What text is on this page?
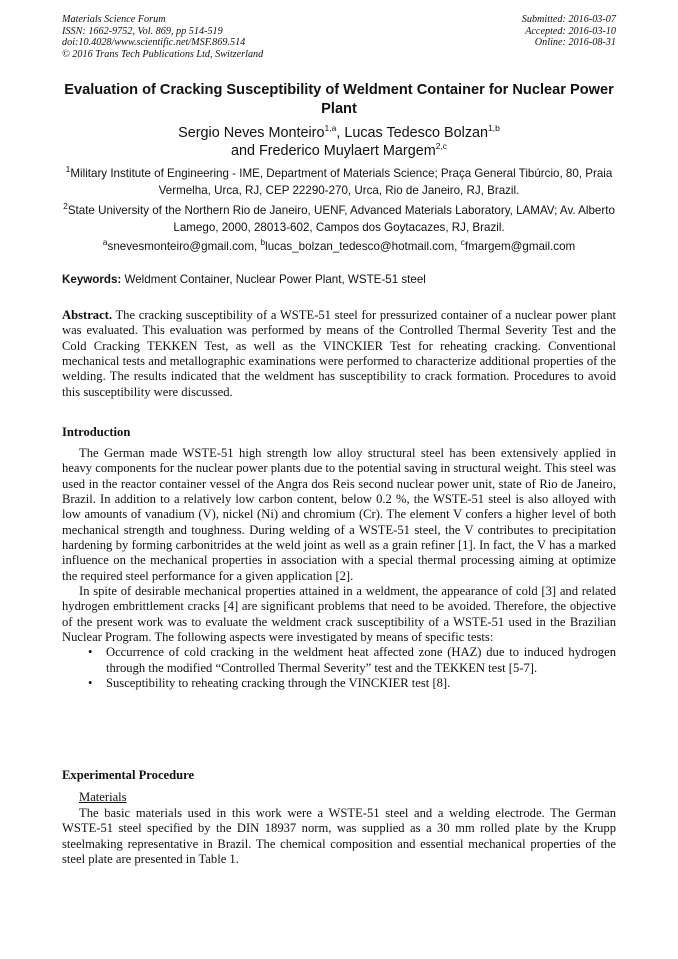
Materials Science Forum
ISSN: 1662-9752, Vol. 869, pp 514-519
doi:10.4028/www.scientific.net/MSF.869.514
© 2016 Trans Tech Publications Ltd, Switzerland
Submitted: 2016-03-07
Accepted: 2016-03-10
Online: 2016-08-31
Evaluation of Cracking Susceptibility of Weldment Container for Nuclear Power Plant
Sergio Neves Monteiro$^{1,a}$, Lucas Tedesco Bolzan$^{1,b}$
and Frederico Muylaert Margem$^{2,c}$
$^1$Military Institute of Engineering - IME, Department of Materials Science; Praça General Tibúrcio, 80, Praia Vermelha, Urca, RJ, CEP 22290-270, Urca, Rio de Janeiro, RJ, Brazil.
$^2$State University of the Northern Rio de Janeiro, UENF, Advanced Materials Laboratory, LAMAV; Av. Alberto Lamego, 2000, 28013-602, Campos dos Goytacazes, RJ, Brazil.
$^a$snevesmonteiro@gmail.com, $^b$lucas_bolzan_tedesco@hotmail.com, $^c$fmargem@gmail.com
Keywords: Weldment Container, Nuclear Power Plant, WSTE-51 steel
Abstract. The cracking susceptibility of a WSTE-51 steel for pressurized container of a nuclear power plant was evaluated. This evaluation was performed by means of the Controlled Thermal Severity Test and the Cold Cracking TEKKEN Test, as well as the VINCKIER Test for reheating cracking. Conventional mechanical tests and metallographic examinations were performed to characterize additional properties of the welding. The results indicated that the weldment has susceptibility to crack formation. Procedures to avoid this susceptibility were discussed.
Introduction

The German made WSTE-51 high strength low alloy structural steel has been extensively applied in heavy components for the nuclear power plants due to the potential saving in structural weight. This steel was used in the reactor container vessel of the Angra dos Reis second nuclear power unit, state of Rio de Janeiro, Brazil. In addition to a relatively low carbon content, below 0.2 %, the WSTE-51 steel is also alloyed with low amounts of vanadium (V), nickel (Ni) and chromium (Cr). The element V confers a higher level of both mechanical strength and toughness. During welding of a WSTE-51 steel, the V contributes to precipitation hardening by forming carbonitrides at the weld joint as well as a grain refiner [1]. In fact, the V has a marked influence on the mechanical properties in association with a special thermal processing aiming at optimize the required steel performance for a given application [2].

In spite of desirable mechanical properties attained in a weldment, the appearance of cold [3] and related hydrogen embrittlement cracks [4] are significant problems that need to be avoided. Therefore, the objective of the present work was to evaluate the weldment crack susceptibility of a WSTE-51 used in the Brazilian Nuclear Program. The following aspects were investigated by means of specific tests:

• Occurrence of cold cracking in the weldment heat affected zone (HAZ) due to induced hydrogen through the modified “Controlled Thermal Severity” test and the TEKKEN test [5-7].
• Susceptibility to reheating cracking through the VINCKIER test [8].
Experimental Procedure
Materials

The basic materials used in this work were a WSTE-51 steel and a welding electrode. The German WSTE-51 steel specified by the DIN 18937 norm, was supplied as a 30 mm rolled plate by the Krupp steelmaking representative in Brazil. The chemical composition and essential mechanical properties of the steel plate are presented in Table 1.
